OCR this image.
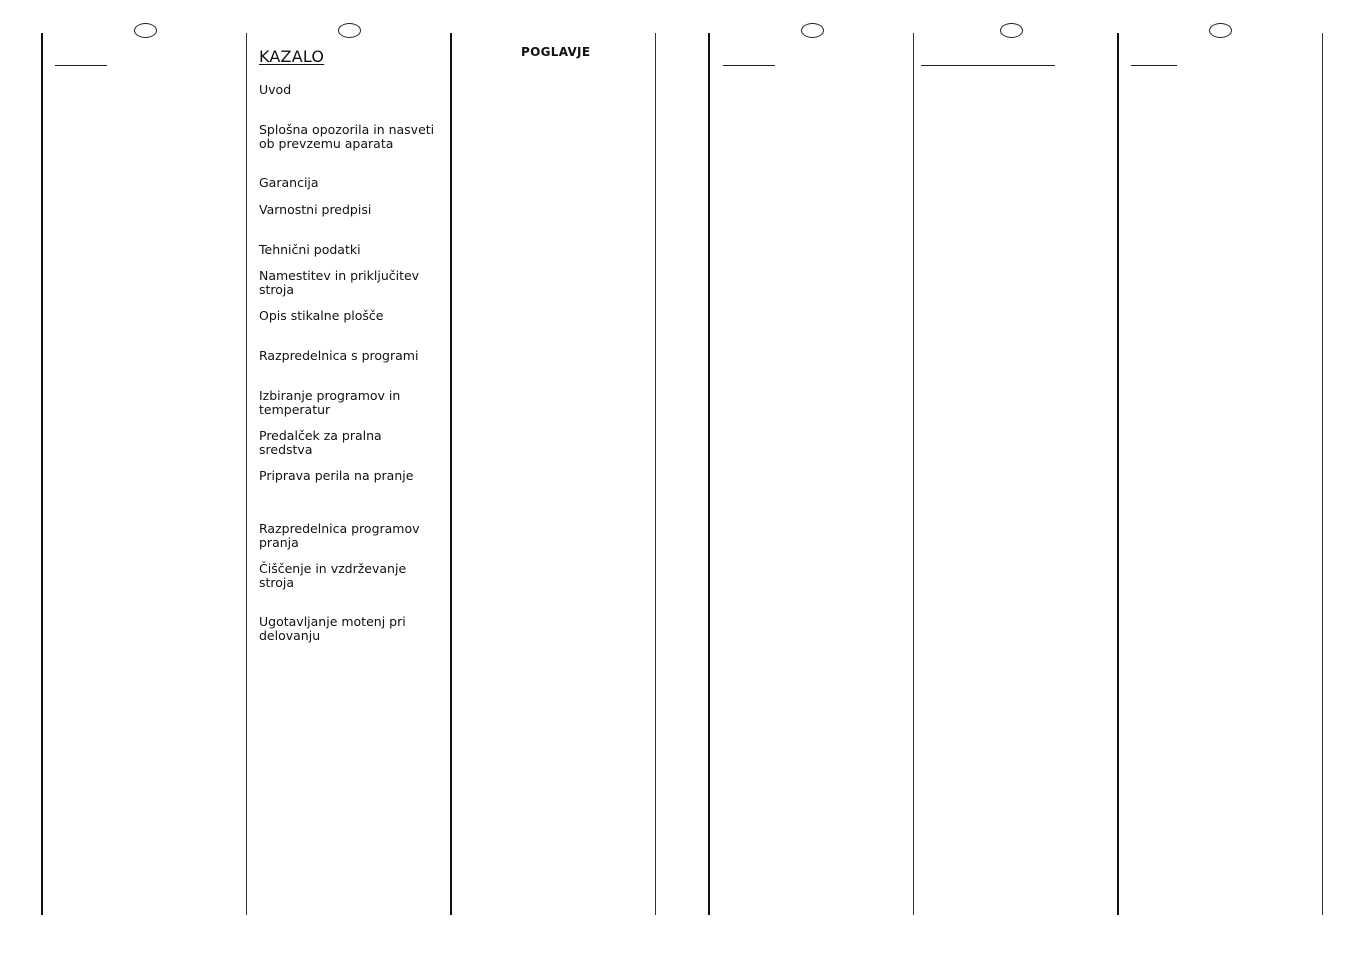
KAZALO	POGLAVJE
Uvod
Splošna opozorila in nasveti ob prevzemu aparata
Garancija
Varnostni predpisi
Tehnični podatki
Namestitev in priključitev stroja
Opis stikalne plošče
Razpredelnica s programi
Izbiranje programov in temperatur
Predalček za pralna sredstva
Priprava perila na pranje
Razpredelnica programov pranja
Čiščenje in vzdrževanje stroja
Ugotavljanje motenj pri delovanju
